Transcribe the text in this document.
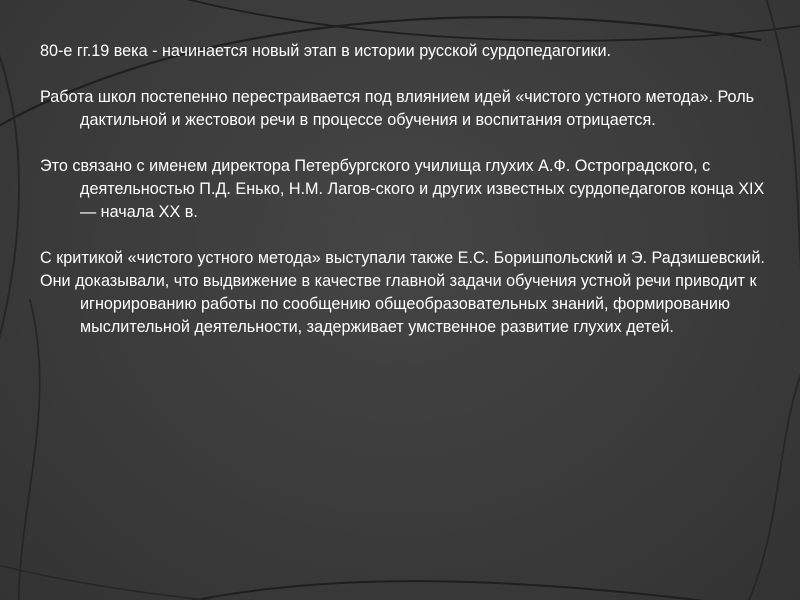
80-е гг.19 века - начинается новый этап в истории русской сурдопедагогики.

Работа школ постепенно перестраивается под влиянием идей «чистого устного метода». Роль дактильной и жестовои речи в процессе обучения и воспитания отрицается.

Это связано с именем директора Петербургского училища глухих А.Ф. Остроградского, с деятельностью П.Д. Енько, Н.М. Лагов-ского и других известных сурдопедагогов конца XIX — начала XX в.

С критикой «чистого устного метода» выступали также Е.С. Боришпольский и Э. Радзишевский.

Они доказывали, что выдвижение в качестве главной задачи обучения устной речи приводит к игнорированию работы по сообщению общеобразовательных знаний, формированию мыслительной деятельности, задерживает умственное развитие глухих детей.
